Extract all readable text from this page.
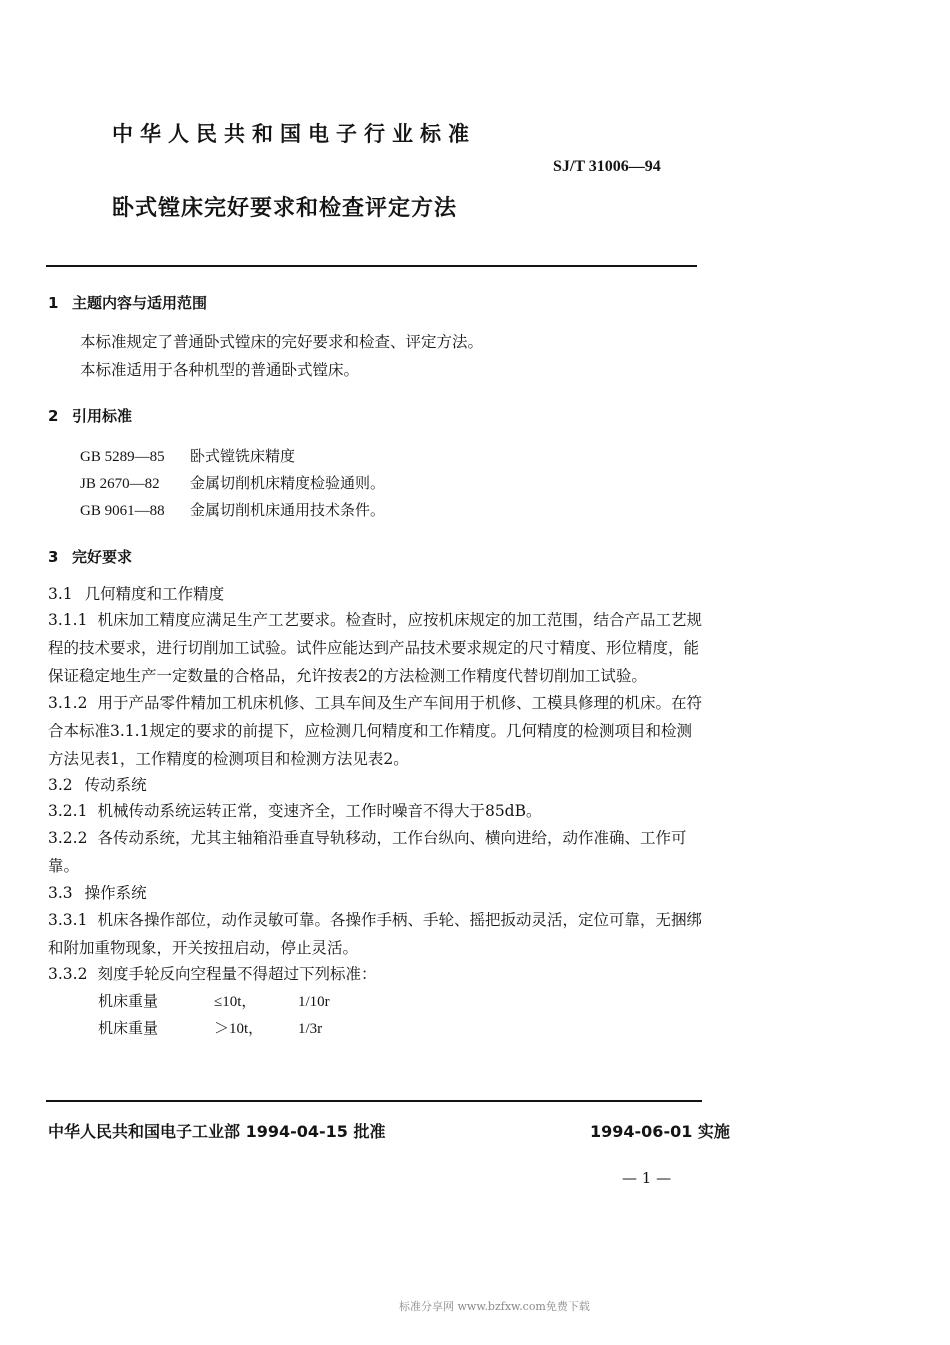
中华人民共和国电子行业标准
SJ/T 31006—94
卧式镗床完好要求和检查评定方法
1 主题内容与适用范围
本标准规定了普通卧式镗床的完好要求和检查、评定方法。
本标准适用于各种机型的普通卧式镗床。
2 引用标准
GB 5289—85 卧式镗铣床精度
JB 2670—82 金属切削机床精度检验通则。
GB 9061—88 金属切削机床通用技术条件。
3 完好要求
3.1 几何精度和工作精度
3.1.1 机床加工精度应满足生产工艺要求。检查时，应按机床规定的加工范围，结合产品工艺规程的技术要求，进行切削加工试验。试件应能达到产品技术要求规定的尺寸精度、形位精度，能保证稳定地生产一定数量的合格品，允许按表2的方法检测工作精度代替切削加工试验。
3.1.2 用于产品零件精加工机床机修、工具车间及生产车间用于机修、工模具修理的机床。在符合本标准3.1.1规定的要求的前提下，应检测几何精度和工作精度。几何精度的检测项目和检测方法见表1，工作精度的检测项目和检测方法见表2。
3.2 传动系统
3.2.1 机械传动系统运转正常，变速齐全，工作时噪音不得大于85dB。
3.2.2 各传动系统，尤其主轴箱沿垂直导轨移动，工作台纵向、横向进给，动作准确、工作可靠。
3.3 操作系统
3.3.1 机床各操作部位，动作灵敏可靠。各操作手柄、手轮、摇把扳动灵活，定位可靠，无捆绑和附加重物现象，开关按扭启动，停止灵活。
3.3.2 刻度手轮反向空程量不得超过下列标准：
机床重量	≤10t，	1/10r
机床重量	＞10t， 1/3r
中华人民共和国电子工业部 1994-04-15 批准	1994-06-01 实施
— 1 —
标准分享网 www.bzfxw.com免费下载
